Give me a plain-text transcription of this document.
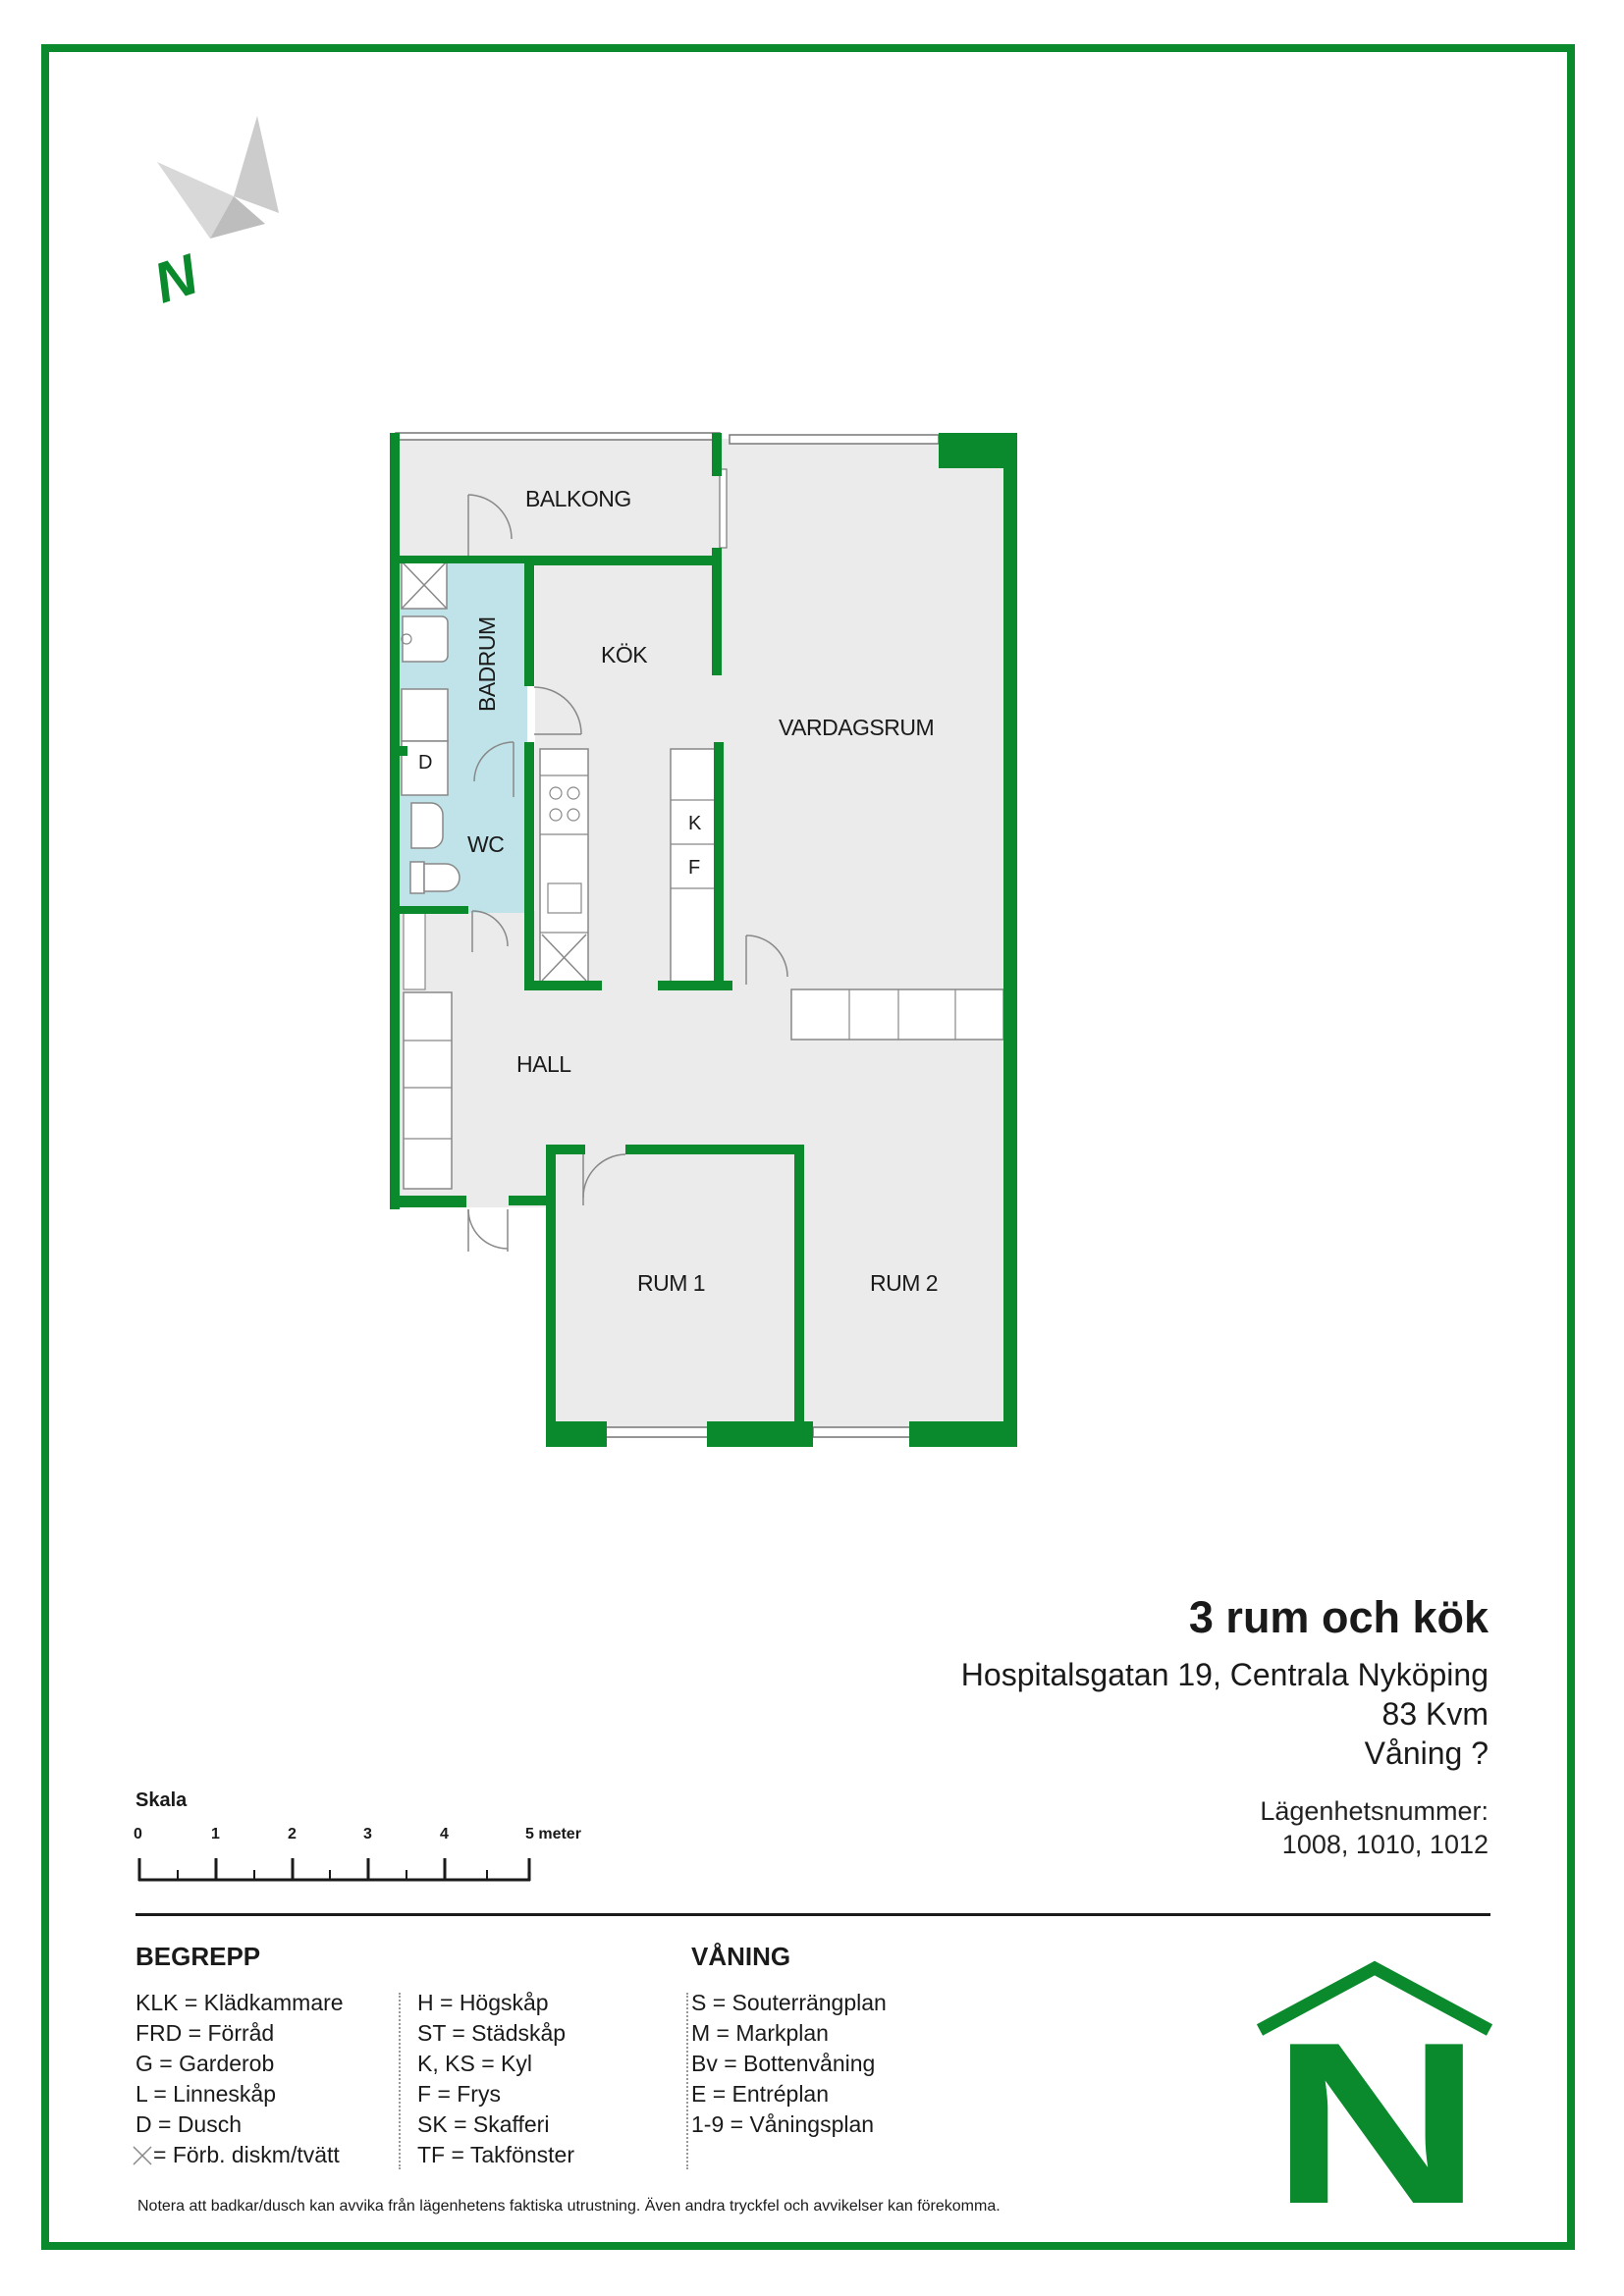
N
D
K
F
BALKONG
KÖK
BADRUM
WC
VARDAGSRUM
HALL
RUM 1	RUM 2
3 rum och kök
Hospitalsgatan 19, Centrala Nyköping
83 Kvm
Våning ?
Lägenhetsnummer:
1008, 1010, 1012
Skala
0	1	2	3	4	5 meter
BEGREPP
KLK = Klädkammare
FRD = Förråd
G = Garderob
L = Linneskåp
D = Dusch
= Förb. diskm/tvätt
H = Högskåp
ST = Städskåp
K, KS = Kyl
F = Frys
SK = Skafferi
TF = Takfönster
VÅNING
S = Souterrängplan
M = Markplan
Bv = Bottenvåning
E = Entréplan
1-9 = Våningsplan N
Notera att badkar/dusch kan avvika från lägenhetens faktiska utrustning. Även andra tryckfel och avvikelser kan förekomma.
